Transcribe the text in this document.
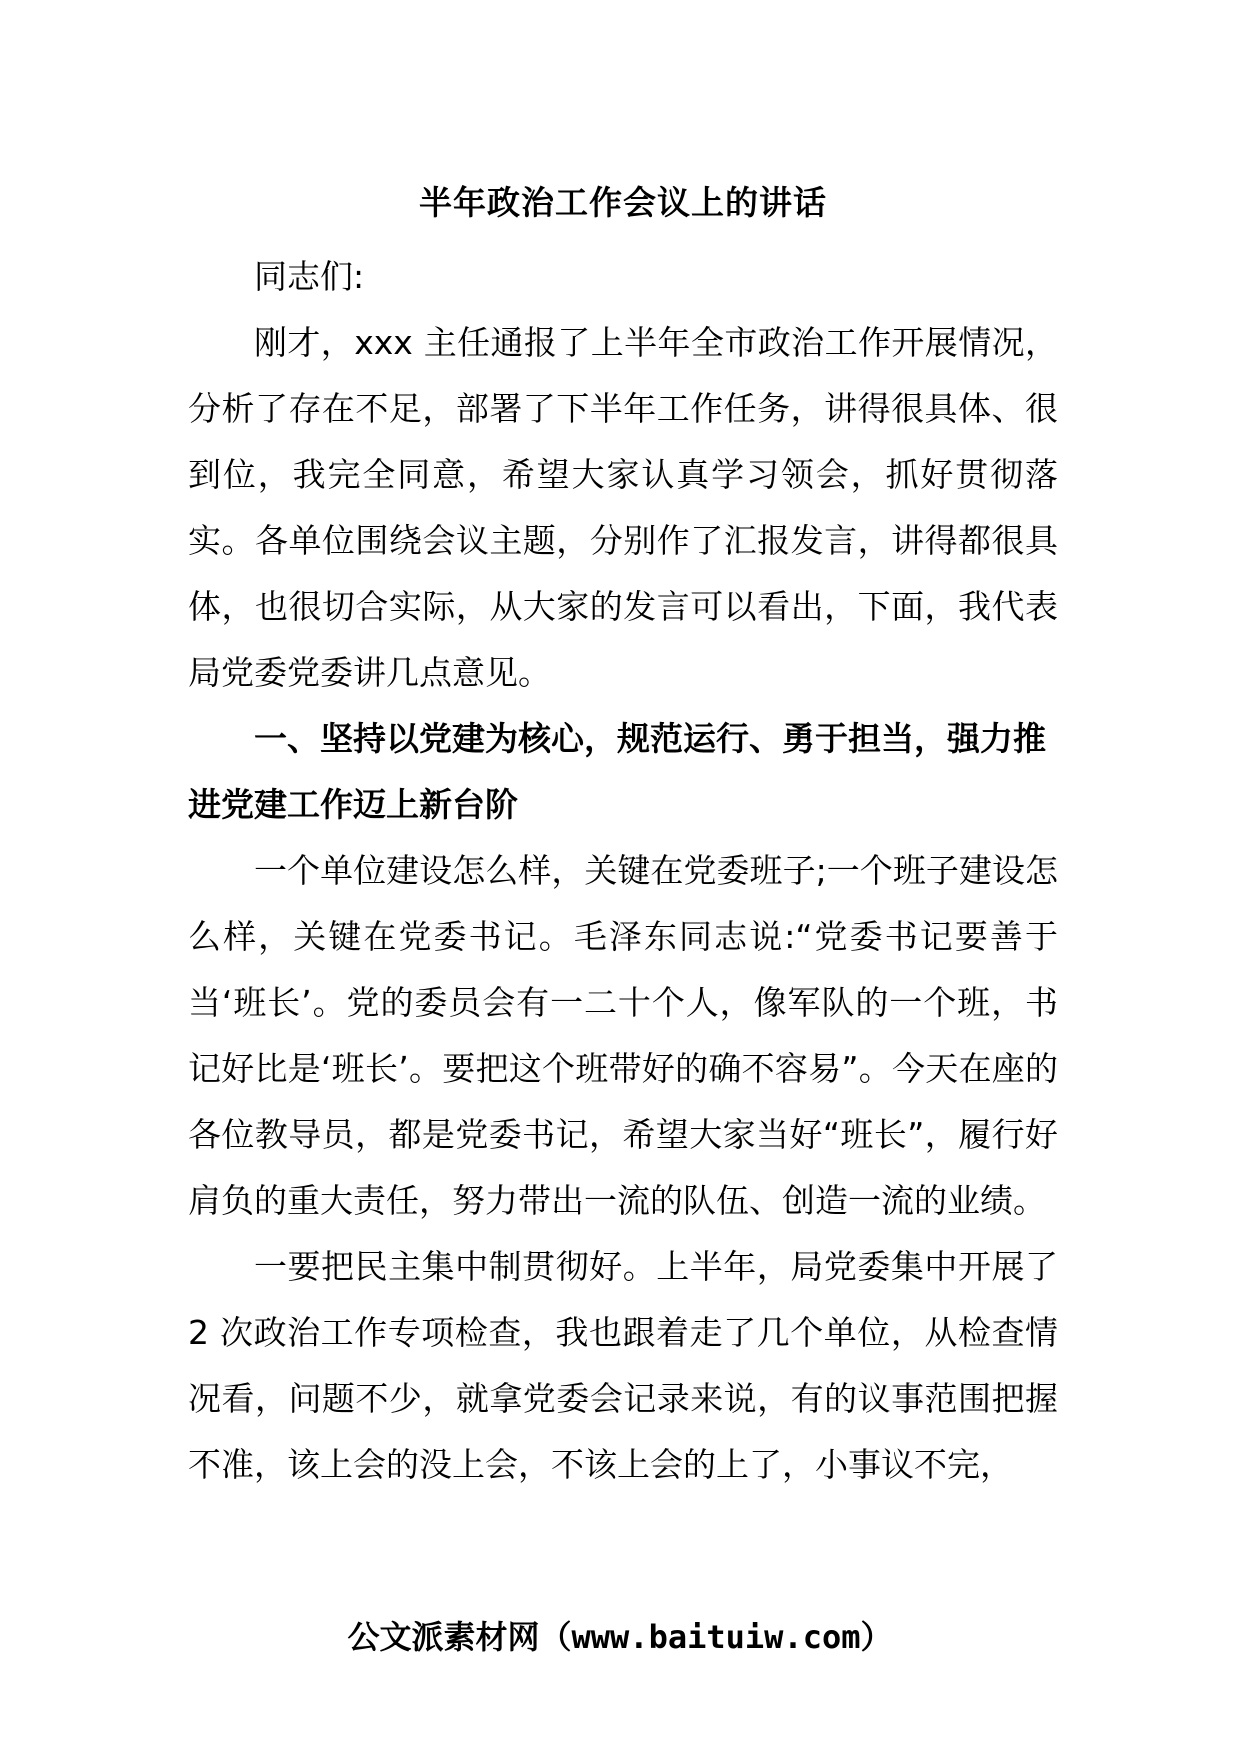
半年政治工作会议上的讲话

同志们:

刚才，xxx 主任通报了上半年全市政治工作开展情况，分析了存在不足，部署了下半年工作任务，讲得很具体、很到位，我完全同意，希望大家认真学习领会，抓好贯彻落实。各单位围绕会议主题，分别作了汇报发言，讲得都很具体，也很切合实际，从大家的发言可以看出，下面，我代表局党委党委讲几点意见。

一、坚持以党建为核心，规范运行、勇于担当，强力推进党建工作迈上新台阶

一个单位建设怎么样，关键在党委班子;一个班子建设怎么样，关键在党委书记。毛泽东同志说:“党委书记要善于当‘班长’。党的委员会有一二十个人，像军队的一个班，书记好比是‘班长’。要把这个班带好的确不容易”。今天在座的各位教导员，都是党委书记，希望大家当好“班长”，履行好肩负的重大责任，努力带出一流的队伍、创造一流的业绩。

一要把民主集中制贯彻好。上半年，局党委集中开展了2 次政治工作专项检查，我也跟着走了几个单位，从检查情况看，问题不少，就拿党委会记录来说，有的议事范围把握不准，该上会的没上会，不该上会的上了，小事议不完，

公文派素材网（www.baituiw.com）
